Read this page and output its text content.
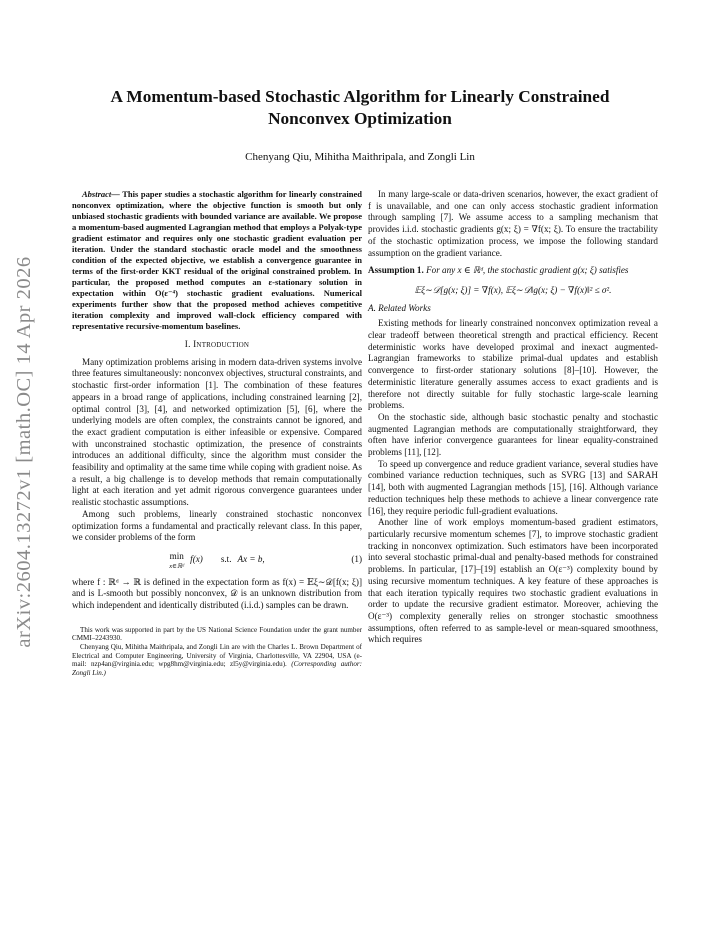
arXiv:2604.13272v1 [math.OC] 14 Apr 2026
A Momentum-based Stochastic Algorithm for Linearly Constrained Nonconvex Optimization
Chenyang Qiu, Mihitha Maithripala, and Zongli Lin

Abstract— This paper studies a stochastic algorithm for linearly constrained nonconvex optimization, where the objective function is smooth but only unbiased stochastic gradients with bounded variance are available. We propose a momentum-based augmented Lagrangian method that employs a Polyak-type gradient estimator and requires only one stochastic gradient evaluation per iteration. Under the standard stochastic oracle model and the smoothness condition of the expected objective, we establish a convergence guarantee in terms of the first-order KKT residual of the original constrained problem. In particular, the proposed method computes an ε-stationary solution in expectation within O(ε⁻⁴) stochastic gradient evaluations. Numerical experiments further show that the proposed method achieves competitive iteration complexity and improved wall-clock efficiency compared with representative recursive-momentum baselines.

I. Introduction

Many optimization problems arising in modern data-driven systems involve three features simultaneously: nonconvex objectives, structural constraints, and stochastic first-order information [1]. The combination of these features appears in a broad range of applications, including constrained learning [2], optimal control [3], [4], and networked optimization [5], [6], where the underlying models are often complex, the constraints cannot be ignored, and the exact gradient computation is either infeasible or expensive. Compared with unconstrained stochastic optimization, the presence of constraints introduces an additional difficulty, since the algorithm must consider the feasibility and optimality at the same time while coping with gradient noise. As a result, a big challenge is to develop methods that remain computationally light at each iteration and yet admit rigorous convergence guarantees under realistic stochastic assumptions.

Among such problems, linearly constrained stochastic nonconvex optimization forms a fundamental and practically relevant class. In this paper, we consider problems of the form

min
x∈ℝᵈ
f(x) s.t. Ax = b,	(1)

where f : ℝᵈ → ℝ is defined in the expectation form as f(x) = 𝔼ξ∼𝒟[f(x; ξ)] and is L-smooth but possibly nonconvex, 𝒟 is an unknown distribution from which independent and identically distributed (i.i.d.) samples can be drawn.

This work was supported in part by the US National Science Foundation under the grant number CMMI–2243930.

Chenyang Qiu, Mihitha Maithripala, and Zongli Lin are with the Charles L. Brown Department of Electrical and Computer Engineering, University of Virginia, Charlottesville, VA 22904, USA (e-mail: nzp4an@virginia.edu; wpg8hm@virginia.edu; zl5y@virginia.edu). (Corresponding author: Zongli Lin.)

In many large-scale or data-driven scenarios, however, the exact gradient of f is unavailable, and one can only access stochastic gradient information through sampling [7]. We assume access to a sampling mechanism that provides i.i.d. stochastic gradients g(x; ξ) = ∇f(x; ξ). To ensure the tractability of the stochastic optimization process, we impose the following standard assumption on the gradient variance.

Assumption 1. For any x ∈ ℝᵈ, the stochastic gradient g(x; ξ) satisfies

𝔼ξ∼𝒟[g(x; ξ)] = ∇f(x), 𝔼ξ∼𝒟‖g(x; ξ) − ∇f(x)‖² ≤ σ².

A. Related Works

Existing methods for linearly constrained nonconvex optimization reveal a clear tradeoff between theoretical strength and practical efficiency. Recent deterministic works have developed proximal and inexact augmented-Lagrangian frameworks to stabilize primal-dual updates and establish convergence to first-order stationary solutions [8]–[10]. However, the deterministic literature generally assumes access to exact gradients and is therefore not directly suitable for fully stochastic large-scale learning problems.

On the stochastic side, although basic stochastic penalty and stochastic augmented Lagrangian methods are computationally straightforward, they often have inferior convergence guarantees for linear equality-constrained problems [11], [12].

To speed up convergence and reduce gradient variance, several studies have combined variance reduction techniques, such as SVRG [13] and SARAH [14], both with augmented Lagrangian methods [15], [16]. Although variance reduction techniques help these methods to achieve a linear convergence rate [16], they require periodic full-gradient evaluations.

Another line of work employs momentum-based gradient estimators, particularly recursive momentum schemes [7], to improve stochastic gradient tracking in nonconvex optimization. Such estimators have been incorporated into several stochastic primal-dual and penalty-based methods for constrained problems. In particular, [17]–[19] establish an O(ε⁻³) complexity bound by using recursive momentum techniques. A key feature of these approaches is that each iteration typically requires two stochastic gradient evaluations in order to update the recursive gradient estimator. Moreover, achieving the O(ε⁻³) complexity generally relies on stronger stochastic smoothness assumptions, often referred to as sample-level or mean-squared smoothness, which requires
